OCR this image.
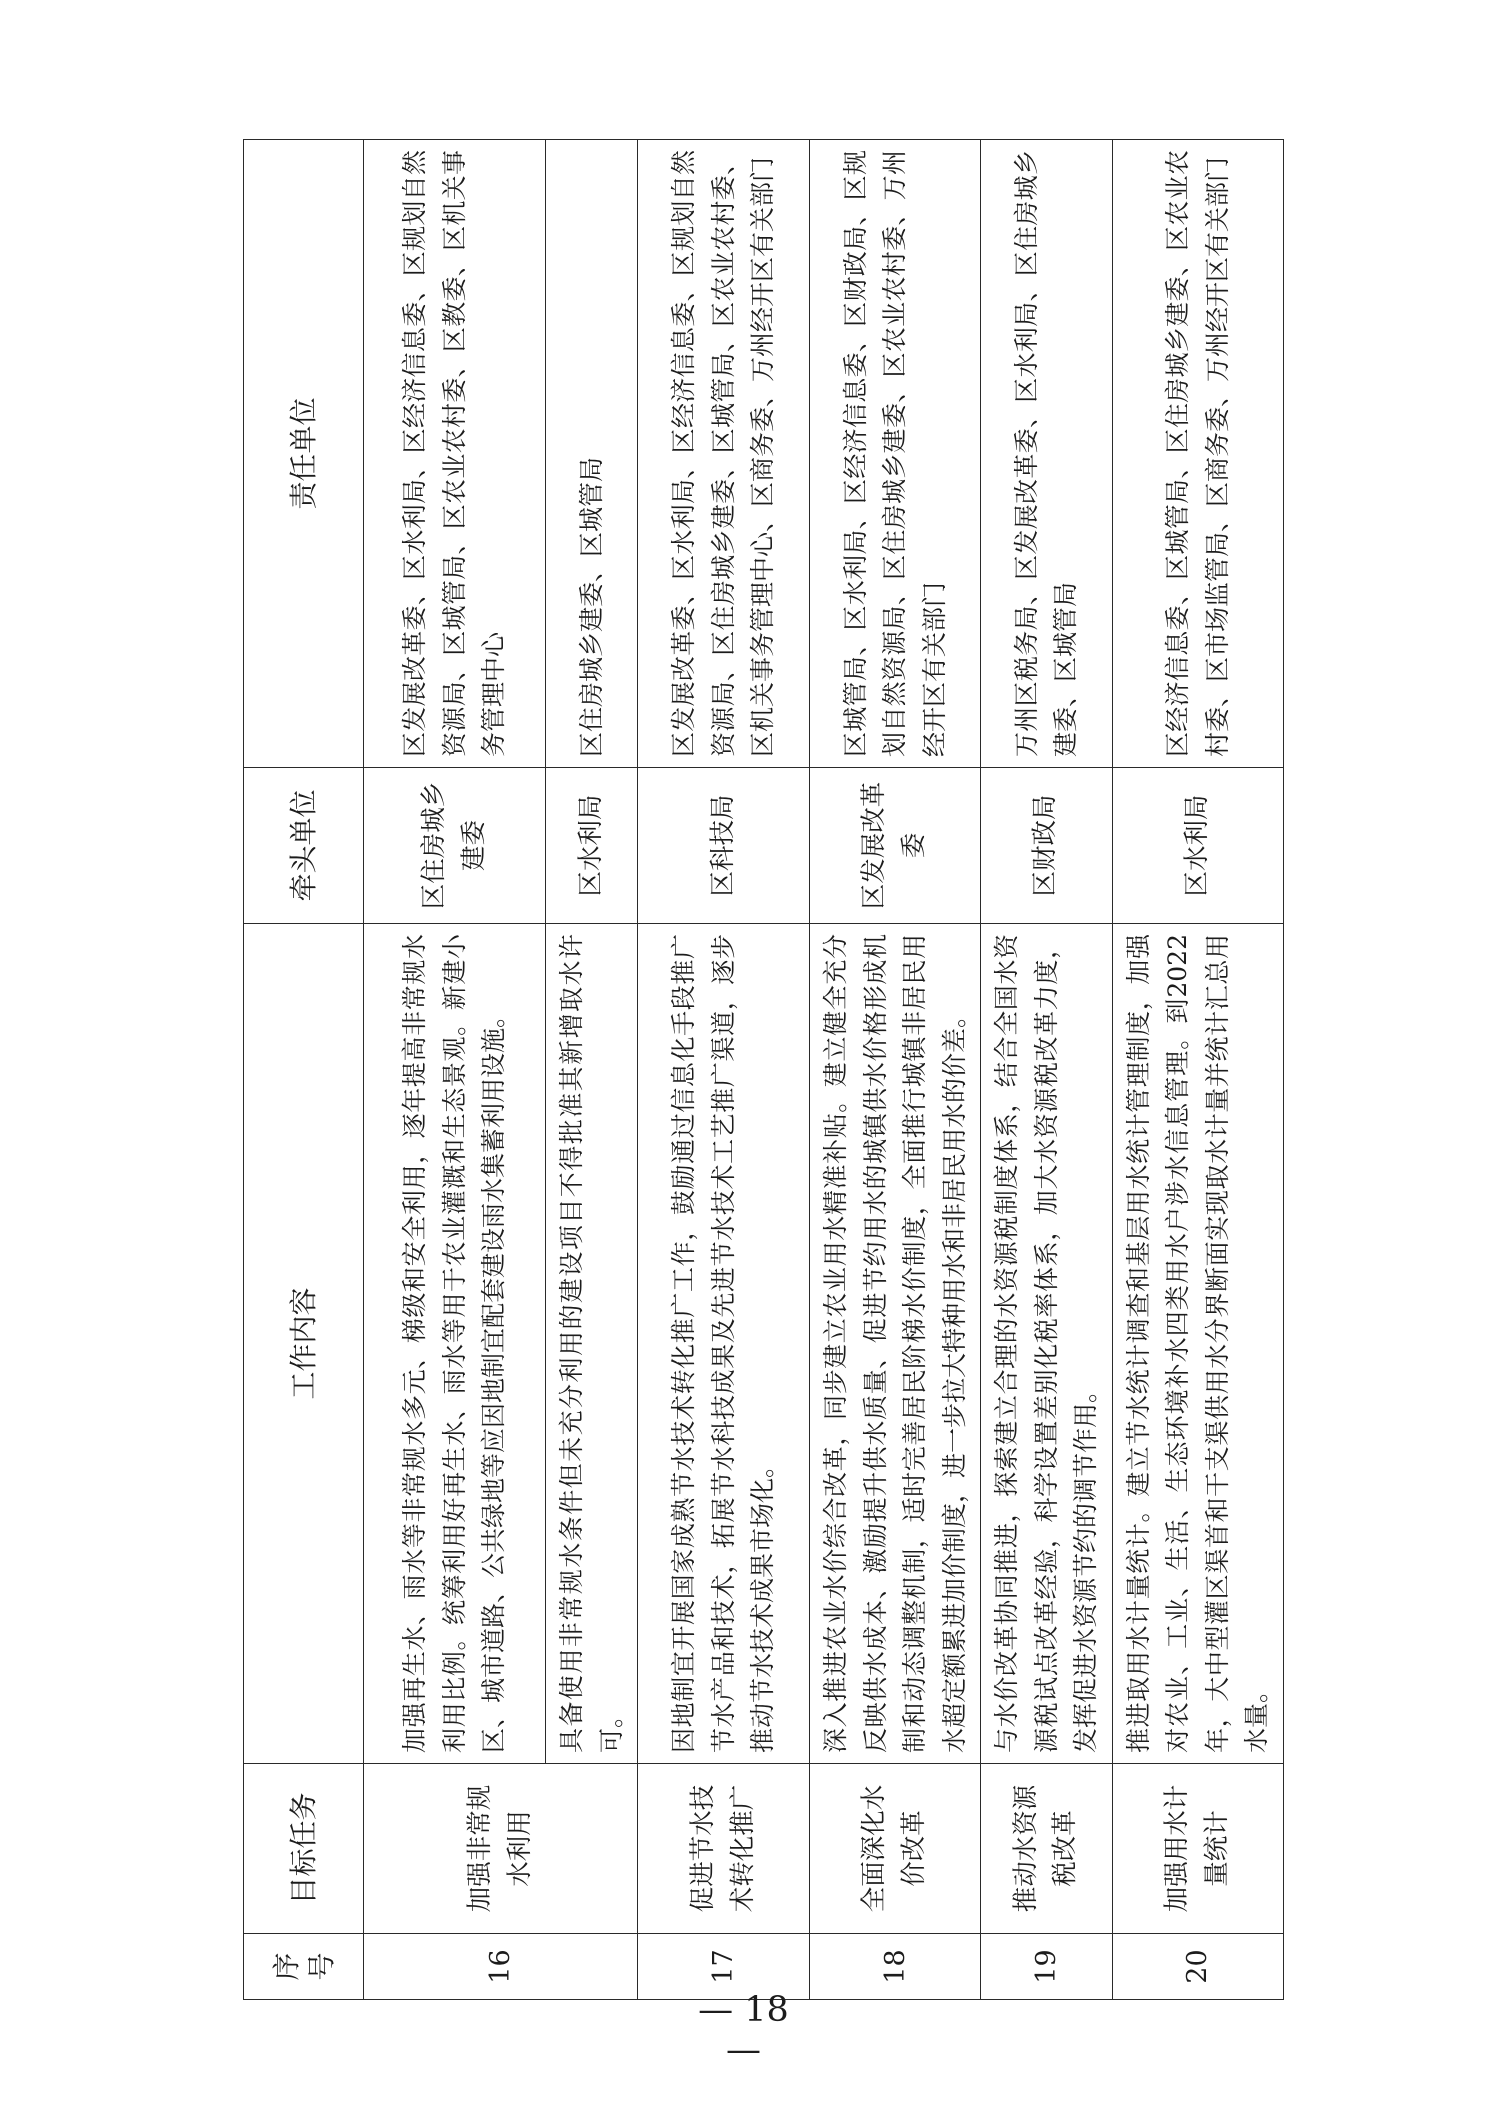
序号	目标任务	工作内容	牵头单位	责任单位
16	加强非常规水利用	加强再生水、雨水等非常规水多元、梯级和安全利用，逐年提高非常规水利用比例。统筹利用好再生水、雨水等用于农业灌溉和生态景观。新建小区、城市道路、公共绿地等应因地制宜配套建设雨水集蓄利用设施。	区住房城乡建委	区发展改革委、区水利局、区经济信息委、区规划自然资源局、区城管局、区农业农村委、区教委、区机关事务管理中心
		具备使用非常规水条件但未充分利用的建设项目不得批准其新增取水许可。	区水利局	区住房城乡建委、区城管局
17	促进节水技术转化推广	因地制宜开展国家成熟节水技术转化推广工作，鼓励通过信息化手段推广节水产品和技术，拓展节水科技成果及先进节水技术工艺推广渠道，逐步推动节水技术成果市场化。	区科技局	区发展改革委、区水利局、区经济信息委、区规划自然资源局、区住房城乡建委、区城管局、区农业农村委、区机关事务管理中心、区商务委、万州经开区有关部门
18	全面深化水价改革	深入推进农业水价综合改革，同步建立农业用水精准补贴。建立健全充分反映供水成本、激励提升供水质量、促进节约用水的城镇供水价格形成机制和动态调整机制，适时完善居民阶梯水价制度，全面推行城镇非居民用水超定额累进加价制度，进一步拉大特种用水和非居民用水的价差。	区发展改革委	区城管局、区水利局、区经济信息委、区财政局、区规划自然资源局、区住房城乡建委、区农业农村委、万州经开区有关部门
19	推动水资源税改革	与水价改革协同推进，探索建立合理的水资源税制度体系，结合全国水资源税试点改革经验，科学设置差别化税率体系，加大水资源税改革力度，发挥促进水资源节约的调节作用。	区财政局	万州区税务局、区发展改革委、区水利局、区住房城乡建委、区城管局
20	加强用水计量统计	推进取用水计量统计。建立节水统计调查和基层用水统计管理制度，加强对农业、工业、生活、生态环境补水四类用水户涉水信息管理。到2022年，大中型灌区渠首和干支渠供用水分界断面实现取水计量并统计汇总用水量。	区水利局	区经济信息委、区城管局、区住房城乡建委、区农业农村委、区市场监管局、区商务委、万州经开区有关部门
— 18 —
